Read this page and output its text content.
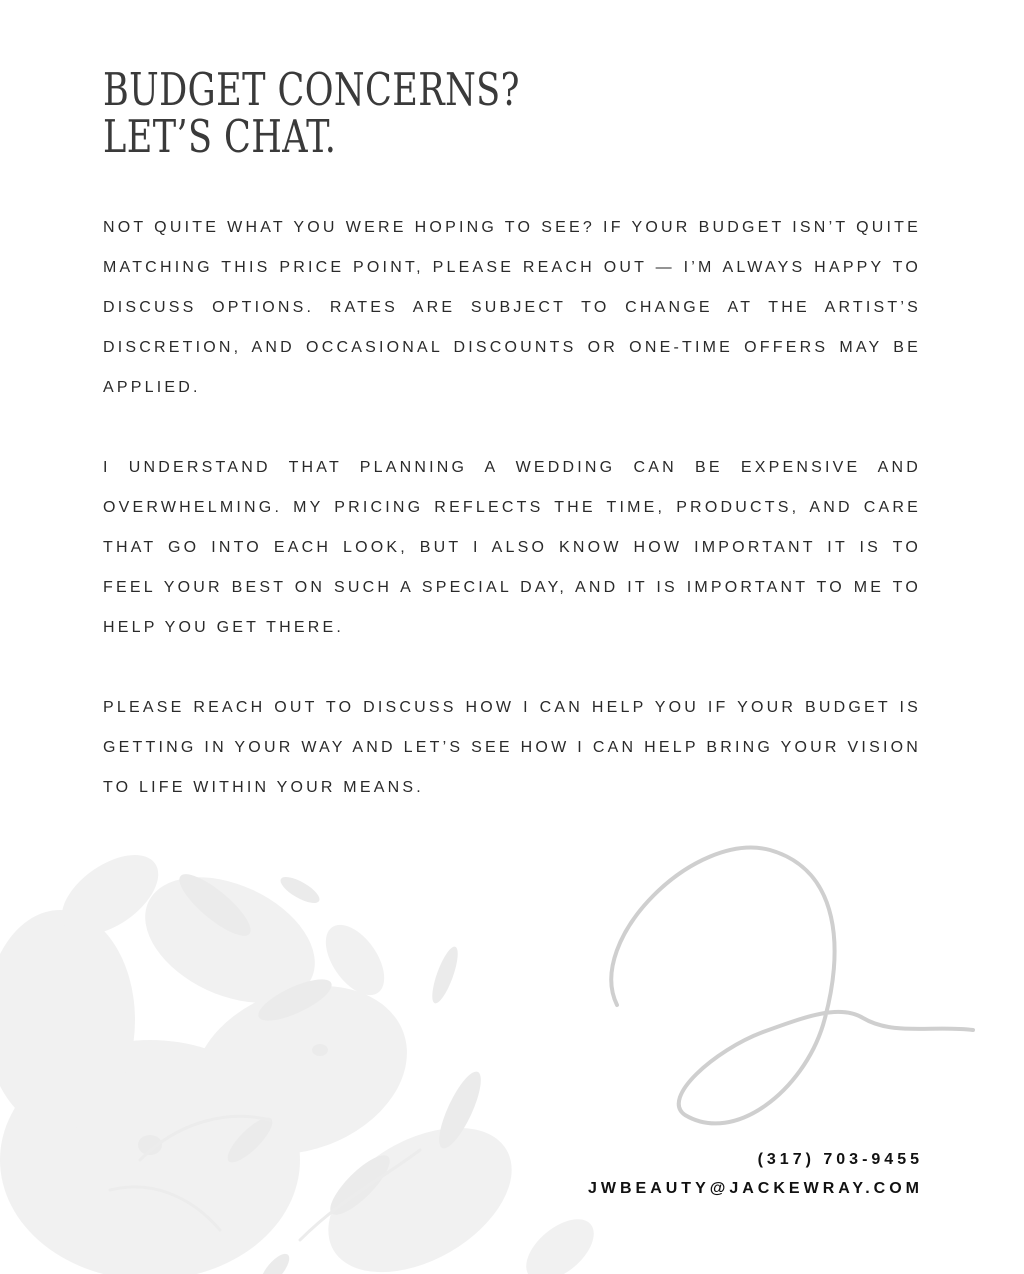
BUDGET CONCERNS?
LET’S CHAT.

NOT QUITE WHAT YOU WERE HOPING TO SEE? IF YOUR BUDGET ISN’T QUITE MATCHING THIS PRICE POINT, PLEASE REACH OUT — I’M ALWAYS HAPPY TO DISCUSS OPTIONS. RATES ARE SUBJECT TO CHANGE AT THE ARTIST’S DISCRETION, AND OCCASIONAL DISCOUNTS OR ONE-TIME OFFERS MAY BE APPLIED.

I UNDERSTAND THAT PLANNING A WEDDING CAN BE EXPENSIVE AND OVERWHELMING. MY PRICING REFLECTS THE TIME, PRODUCTS, AND CARE THAT GO INTO EACH LOOK, BUT I ALSO KNOW HOW IMPORTANT IT IS TO FEEL YOUR BEST ON SUCH A SPECIAL DAY, AND IT IS IMPORTANT TO ME TO HELP YOU GET THERE.

PLEASE REACH OUT TO DISCUSS HOW I CAN HELP YOU IF YOUR BUDGET IS GETTING IN YOUR WAY AND LET’S SEE HOW I CAN HELP BRING YOUR VISION TO LIFE WITHIN YOUR MEANS.

(317) 703-9455
JWBEAUTY@JACKEWRAY.COM
